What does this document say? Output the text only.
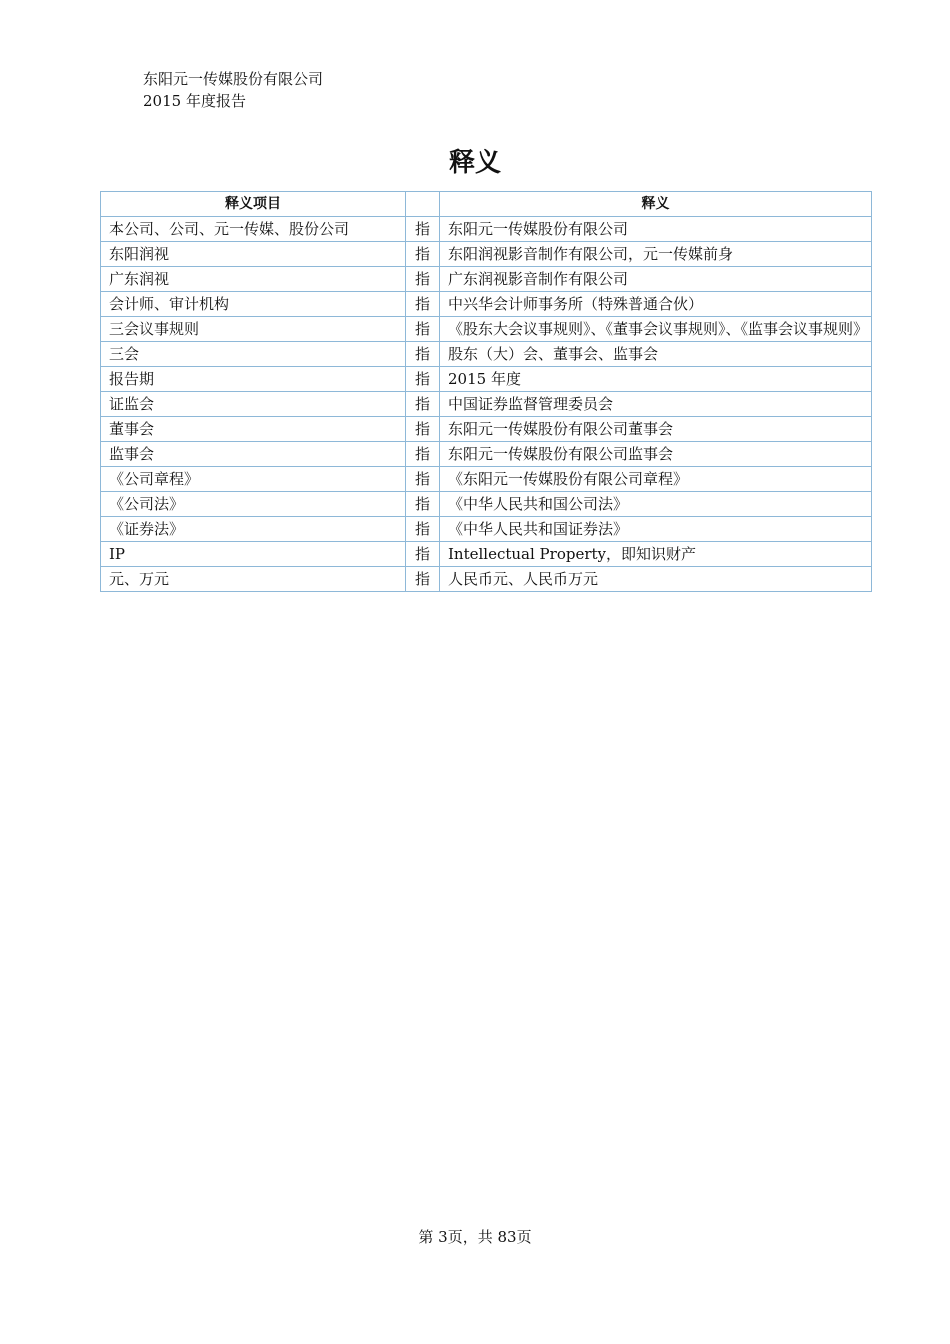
东阳元一传媒股份有限公司
2015 年度报告
释义
释义项目		释义
本公司、公司、元一传媒、股份公司	指	东阳元一传媒股份有限公司
东阳润视	指	东阳润视影音制作有限公司，元一传媒前身
广东润视	指	广东润视影音制作有限公司
会计师、审计机构	指	中兴华会计师事务所（特殊普通合伙）
三会议事规则	指	《股东大会议事规则》、《董事会议事规则》、《监事会议事规则》
三会	指	股东（大）会、董事会、监事会
报告期	指	2015 年度
证监会	指	中国证券监督管理委员会
董事会	指	东阳元一传媒股份有限公司董事会
监事会	指	东阳元一传媒股份有限公司监事会
《公司章程》	指	《东阳元一传媒股份有限公司章程》
《公司法》	指	《中华人民共和国公司法》
《证券法》	指	《中华人民共和国证券法》
IP	指	Intellectual Property，即知识财产
元、万元	指	人民币元、人民币万元
第 3页，共 83页
